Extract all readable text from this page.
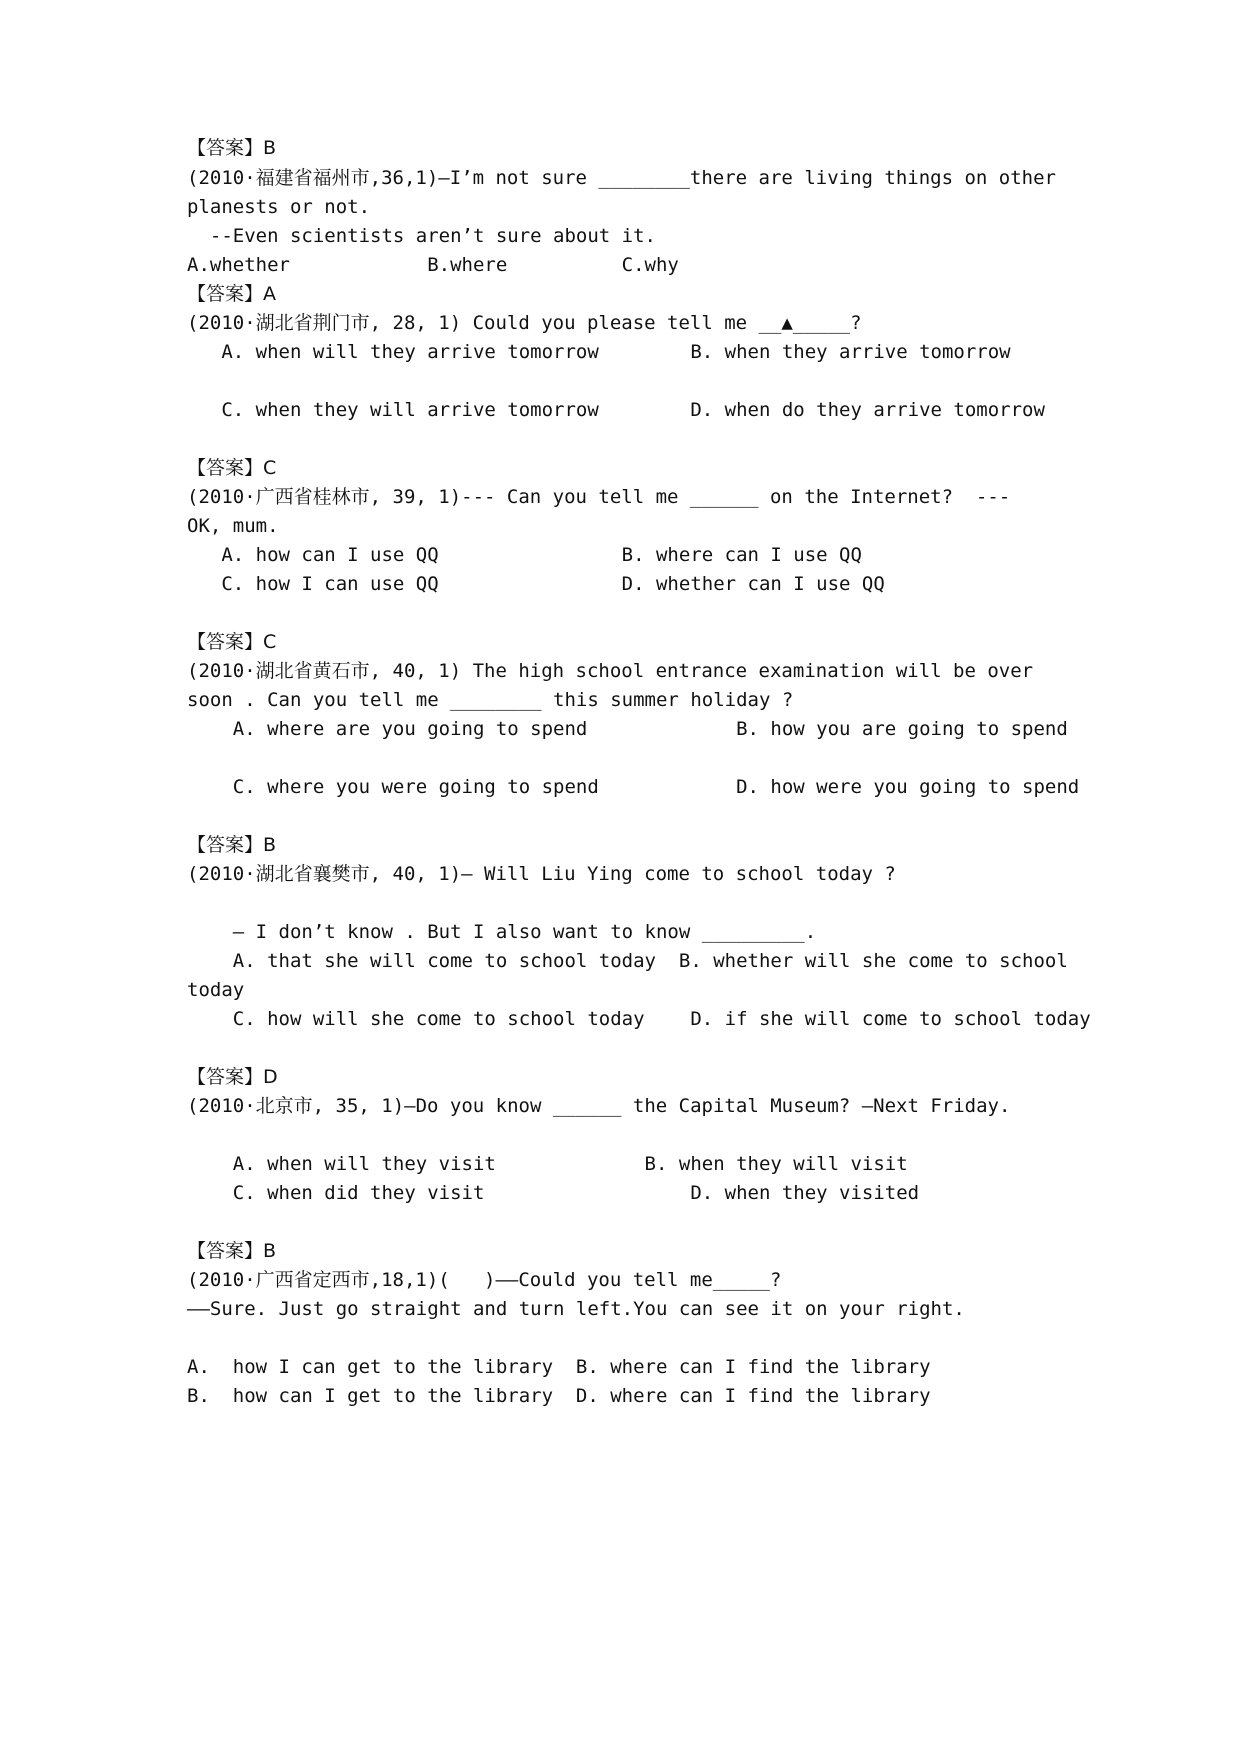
【答案】B
(2010·福建省福州市,36,1)—I’m not sure ________there are living things on other
planests or not.
--Even scientists aren’t sure about it.
A.whether            B.where          C.why
【答案】A
(2010·湖北省荆门市, 28, 1) Could you please tell me __▲_____?
A. when will they arrive tomorrow        B. when they arrive tomorrow
C. when they will arrive tomorrow        D. when do they arrive tomorrow
【答案】C
(2010·广西省桂林市, 39, 1)--- Can you tell me ______ on the Internet?  ---
OK, mum.
A. how can I use QQ                B. where can I use QQ
C. how I can use QQ                D. whether can I use QQ
【答案】C
(2010·湖北省黄石市, 40, 1) The high school entrance examination will be over
soon . Can you tell me ________ this summer holiday ?
A. where are you going to spend             B. how you are going to spend
C. where you were going to spend            D. how were you going to spend
【答案】B
(2010·湖北省襄樊市, 40, 1)— Will Liu Ying come to school today ?
— I don’t know . But I also want to know _________.
A. that she will come to school today  B. whether will she come to school
today
C. how will she come to school today    D. if she will come to school today
【答案】D
(2010·北京市, 35, 1)–Do you know ______ the Capital Museum? –Next Friday.
A. when will they visit             B. when they will visit
C. when did they visit                  D. when they visited
【答案】B
(2010·广西省定西市,18,1)(   )——Could you tell me_____?
——Sure. Just go straight and turn left.You can see it on your right.
A.  how I can get to the library  B. where can I find the library
B.  how can I get to the library  D. where can I find the library
